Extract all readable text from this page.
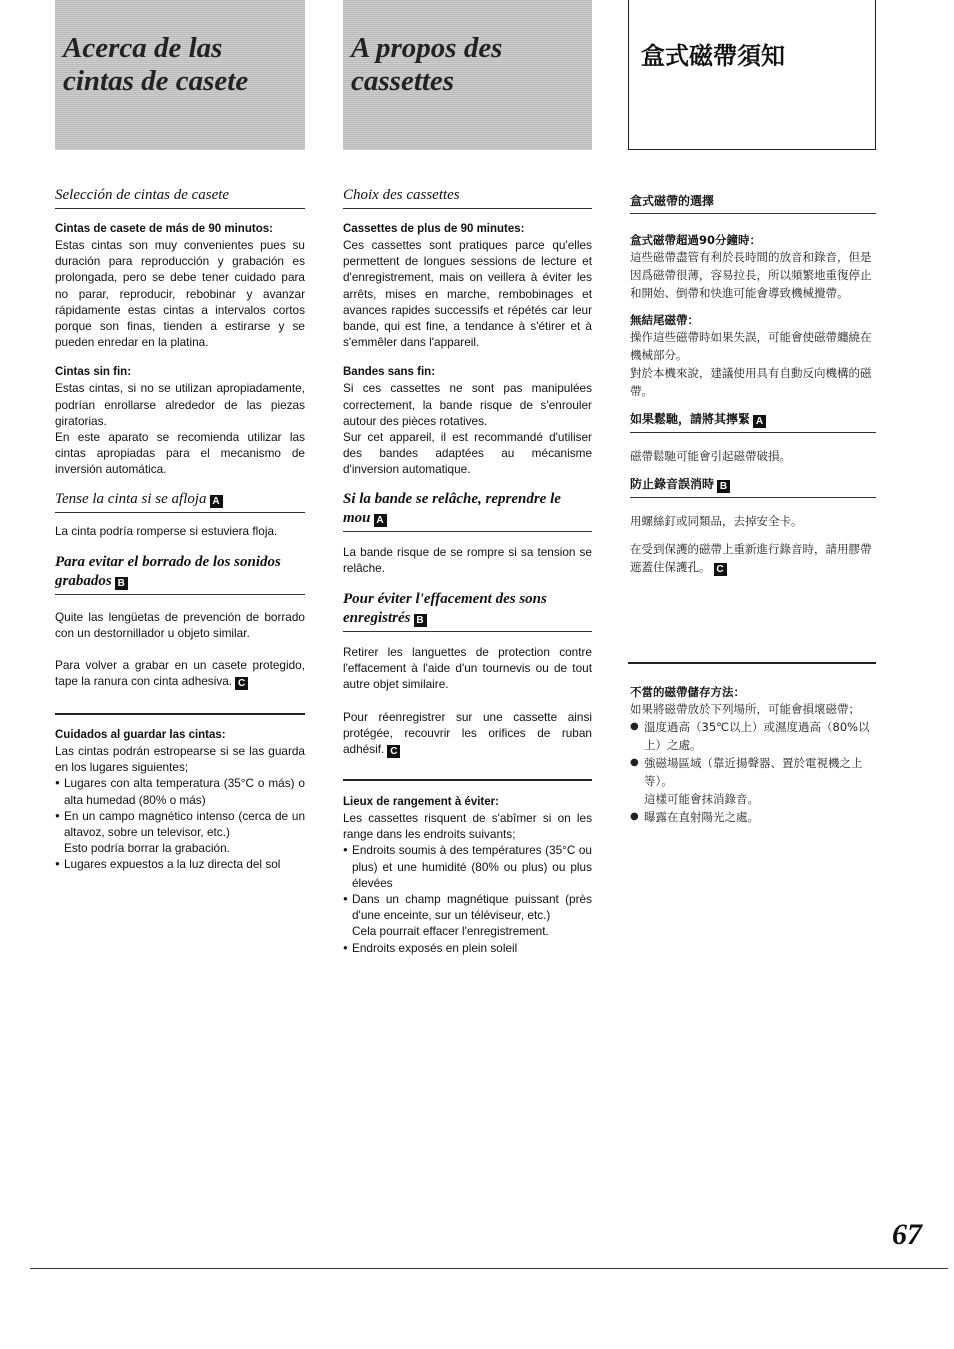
Acerca de las
cintas de casete
A propos des
cassettes
盒式磁帶須知

Selección de cintas de casete

Cintas de casete de más de 90 minutos:

Estas cintas son muy convenientes pues su duración para reproducción y grabación es prolongada, pero se debe tener cuidado para no parar, reproducir, rebobinar y avanzar rápidamente estas cintas a intervalos cortos porque son finas, tienden a estirarse y se pueden enredar en la platina.

Cintas sin fin:

Estas cintas, si no se utilizan apropiadamente, podrían enrollarse alrededor de las piezas giratorias.

En este aparato se recomienda utilizar las cintas apropiadas para el mecanismo de inversión automática.

Tense la cinta si se afloja A

La cinta podría romperse si estuviera floja.

Para evitar el borrado de los sonidos grabados B

Quite las lengüetas de prevención de borrado con un destornillador u objeto similar.

Para volver a grabar en un casete protegido, tape la ranura con cinta adhesiva. C

Cuidados al guardar las cintas:

Las cintas podrán estropearse si se las guarda en los lugares siguientes;

● Lugares con alta temperatura (35°C o más) o alta humedad (80% o más)
● En un campo magnético intenso (cerca de un altavoz, sobre un televisor, etc.)

Esto podría borrar la grabación.

● Lugares expuestos a la luz directa del sol

Choix des cassettes

Cassettes de plus de 90 minutes:

Ces cassettes sont pratiques parce qu'elles permettent de longues sessions de lecture et d'enregistrement, mais on veillera à éviter les arrêts, mises en marche, rembobinages et avances rapides successifs et répétés car leur bande, qui est fine, a tendance à s'étirer et à s'emmêler dans l'appareil.

Bandes sans fin:

Si ces cassettes ne sont pas manipulées correctement, la bande risque de s'enrouler autour des pièces rotatives.

Sur cet appareil, il est recommandé d'utiliser des bandes adaptées au mécanisme d'inversion automatique.

Si la bande se relâche, reprendre le mou A

La bande risque de se rompre si sa tension se relâche.

Pour éviter l'effacement des sons enregistrés B

Retirer les languettes de protection contre l'effacement à l'aide d'un tournevis ou de tout autre objet similaire.

Pour réenregistrer sur une cassette ainsi protégée, recouvrir les orifices de ruban adhésif. C

Lieux de rangement à éviter:

Les cassettes risquent de s'abîmer si on les range dans les endroits suivants;

● Endroits soumis à des températures (35°C ou plus) et une humidité (80% ou plus) ou plus élevées
● Dans un champ magnétique puissant (près d'une enceinte, sur un téléviseur, etc.)

Cela pourrait effacer l'enregistrement.

● Endroits exposés en plein soleil
盒式磁帶的選擇

盒式磁帶超過90分鐘時：

這些磁帶盡管有利於長時間的放音和錄音，但是因爲磁帶很薄，容易拉長，所以頻繁地重復停止和開始、倒帶和快進可能會導致機械攪帶。

無結尾磁帶：

操作這些磁帶時如果失誤，可能會使磁帶纏繞在機械部分。

對於本機來說，建議使用具有自動反向機構的磁帶。

如果鬆馳，請將其擰緊 A

磁帶鬆馳可能會引起磁帶破損。

防止錄音誤消時 B

用螺絲釘或同類品，去掉安全卡。

在受到保護的磁帶上重新進行錄音時，請用膠帶遮蓋住保護孔。 C

不當的磁帶儲存方法：

如果將磁帶放於下列場所，可能會損壞磁帶；

● 溫度過高（35℃以上）或濕度過高（80%以上）之處。

● 強磁場區域（靠近揚聲器、置於電視機之上等）。

這樣可能會抹消錄音。

● 曝露在直射陽光之處。

67
